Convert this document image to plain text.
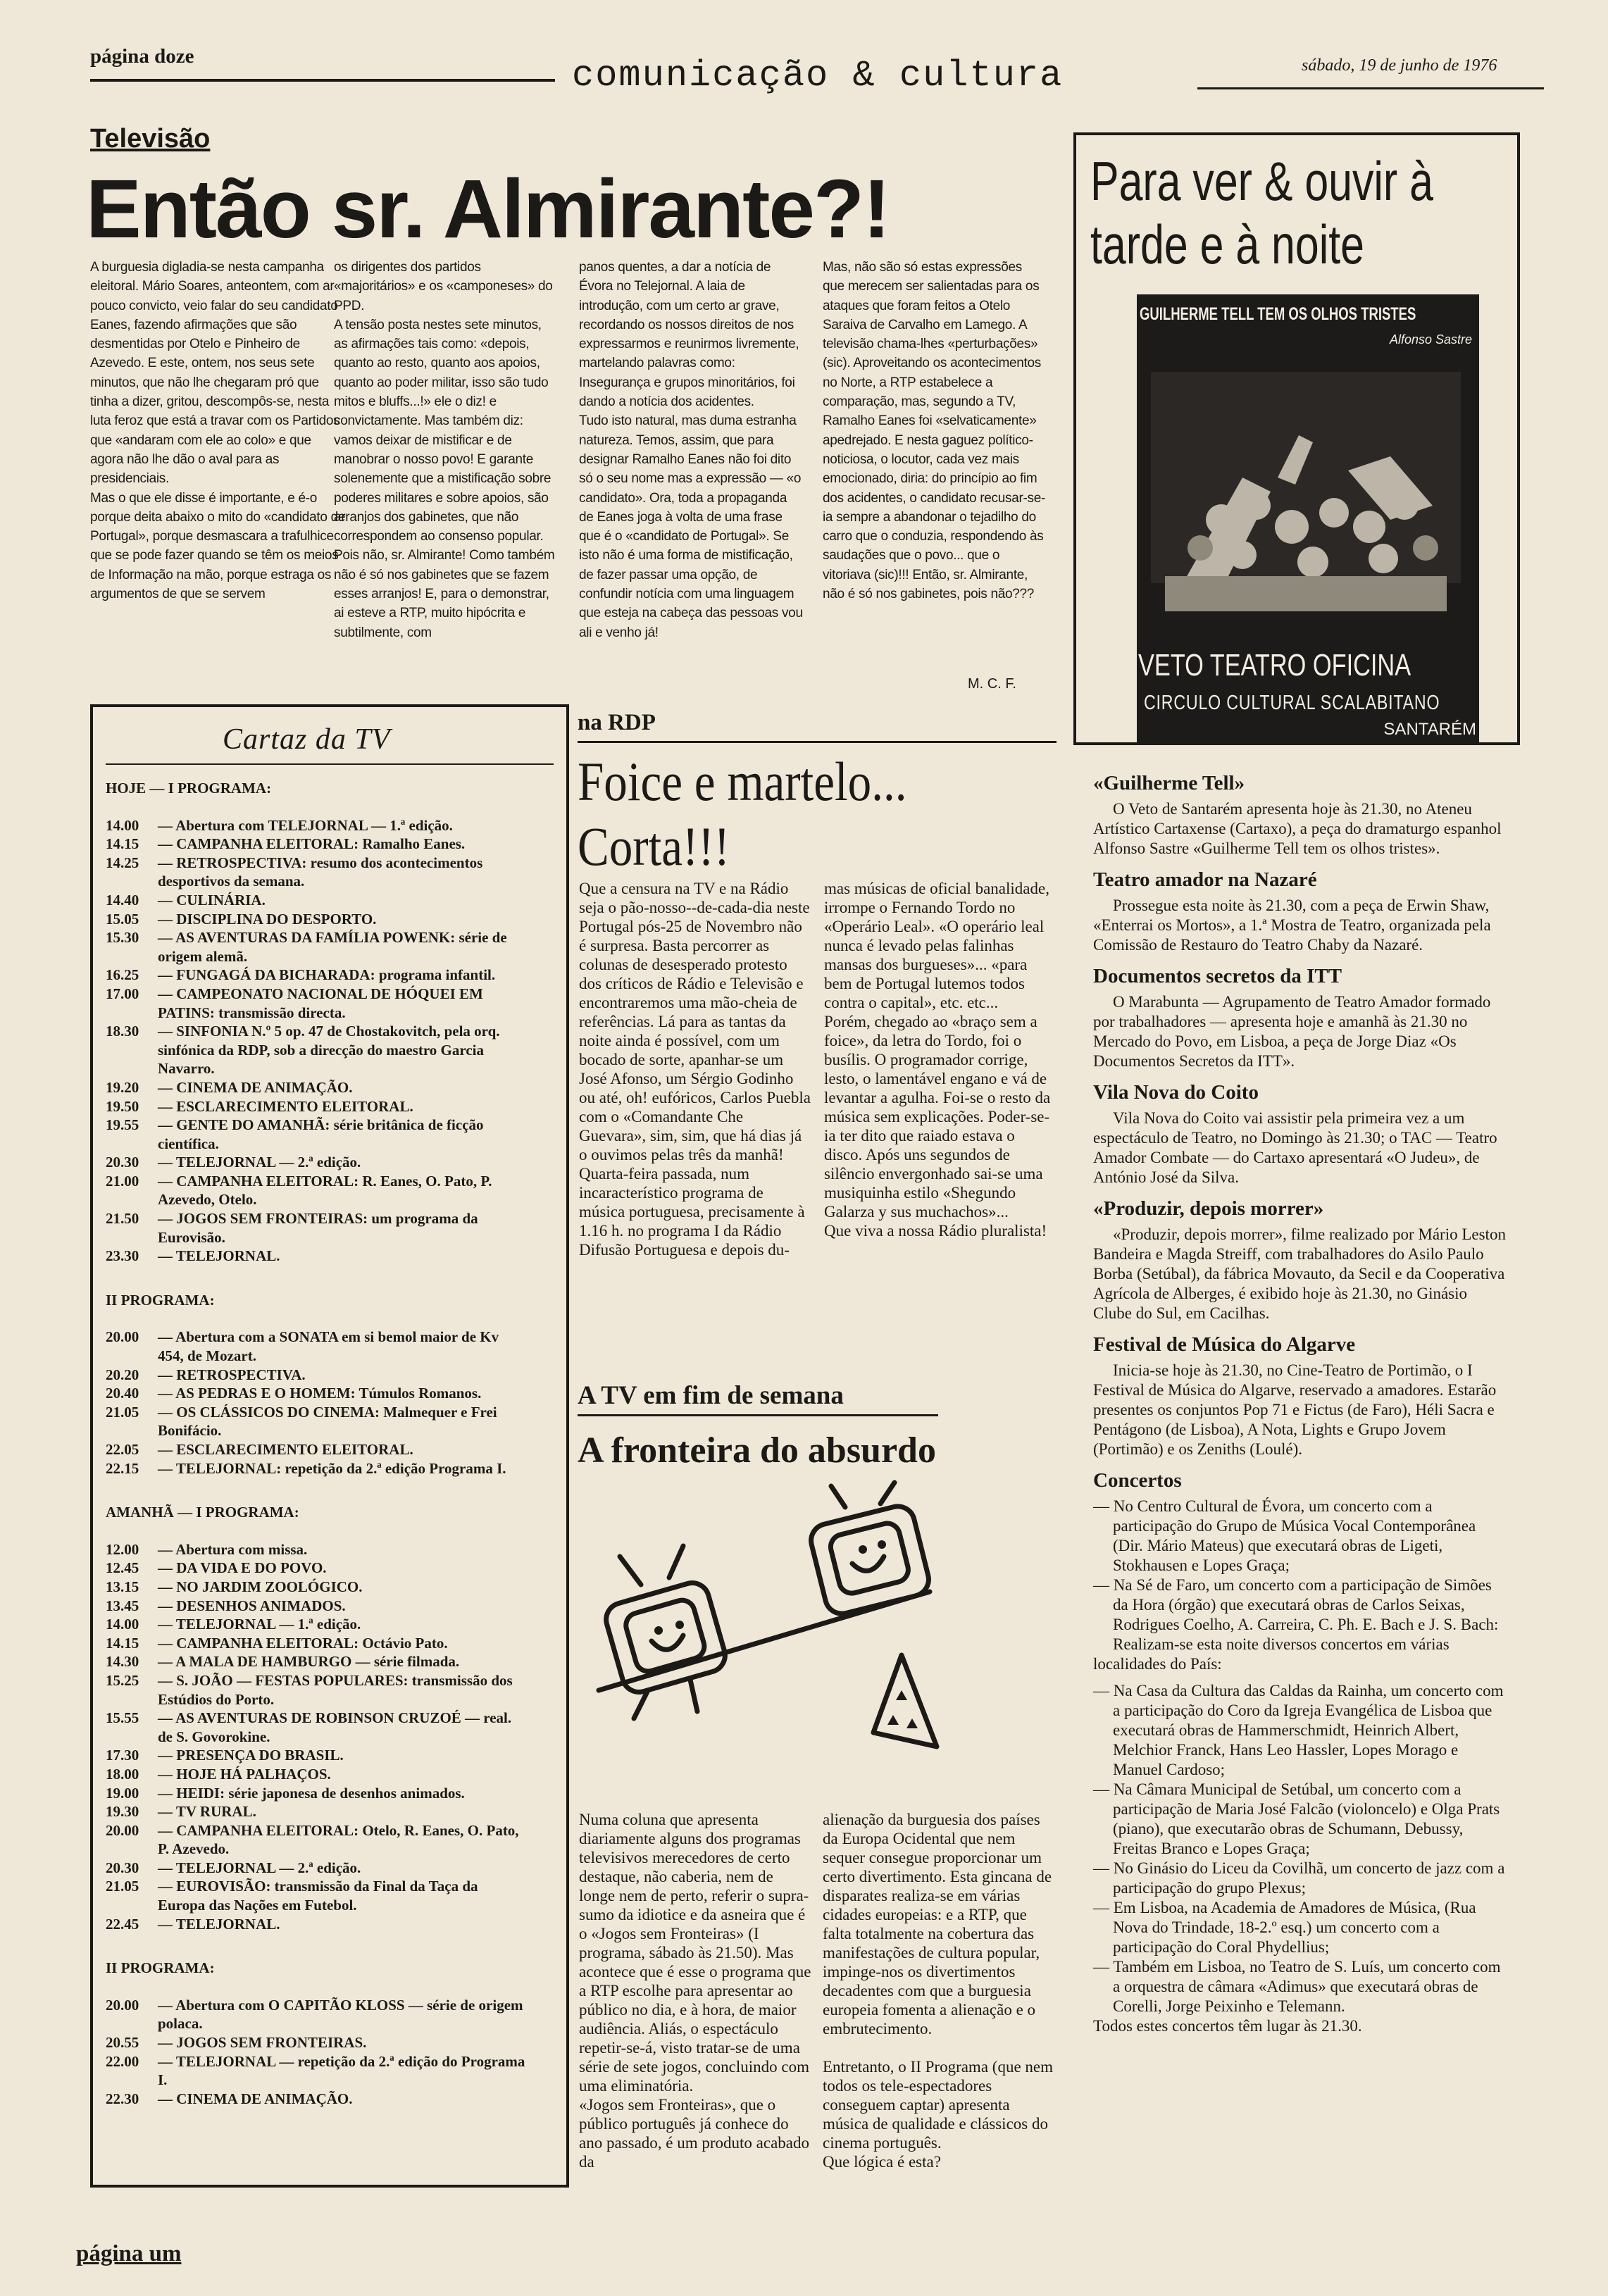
página doze	comunicação & cultura	sábado, 19 de junho de 1976
Televisão
Então sr. Almirante?!
A burguesia digladia-se nesta campanha eleitoral. Mário Soares, anteontem, com ar pouco convicto, veio falar do seu candidato Eanes, fazendo afirmações que são desmentidas por Otelo e Pinheiro de Azevedo. E este, ontem, nos seus sete minutos, que não lhe chegaram pró que tinha a dizer, gritou, descompôs-se, nesta luta feroz que está a travar com os Partidos que «andaram com ele ao colo» e que agora não lhe dão o aval para as presidenciais.
Mas o que ele disse é importante, e é-o porque deita abaixo o mito do «candidato de Portugal», porque desmascara a trafulhice que se pode fazer quando se têm os meios de Informação na mão, porque estraga os argumentos de que se servem
os dirigentes dos partidos «majoritários» e os «camponeses» do PPD.
A tensão posta nestes sete minutos, as afirmações tais como: «depois, quanto ao resto, quanto aos apoios, quanto ao poder militar, isso são tudo mitos e bluffs...!» ele o diz! e convictamente. Mas também diz: vamos deixar de mistificar e de manobrar o nosso povo! E garante solenemente que a mistificação sobre poderes militares e sobre apoios, são arranjos dos gabinetes, que não correspondem ao consenso popular.
Pois não, sr. Almirante! Como também não é só nos gabinetes que se fazem esses arranjos! E, para o demonstrar, ai esteve a RTP, muito hipócrita e subtilmente, com
panos quentes, a dar a notícia de Évora no Telejornal. A laia de introdução, com um certo ar grave, recordando os nossos direitos de nos expressarmos e reunirmos livremente, martelando palavras como: Insegurança e grupos minoritários, foi dando a notícia dos acidentes.
Tudo isto natural, mas duma estranha natureza. Temos, assim, que para designar Ramalho Eanes não foi dito só o seu nome mas a expressão — «o candidato». Ora, toda a propaganda de Eanes joga à volta de uma frase que é o «candidato de Portugal». Se isto não é uma forma de mistificação, de fazer passar uma opção, de confundir notícia com uma linguagem que esteja na cabeça das pessoas vou ali e venho já!
Mas, não são só estas expressões que merecem ser salientadas para os ataques que foram feitos a Otelo Saraiva de Carvalho em Lamego. A televisão chama-lhes «perturbações» (sic). Aproveitando os acontecimentos no Norte, a RTP estabelece a comparação, mas, segundo a TV, Ramalho Eanes foi «selvaticamente» apedrejado. E nesta gaguez político-noticiosa, o locutor, cada vez mais emocionado, diria: do princípio ao fim dos acidentes, o candidato recusar-se-ia sempre a abandonar o tejadilho do carro que o conduzia, respondendo às saudações que o povo... que o vitoriava (sic)!!! Então, sr. Almirante, não é só nos gabinetes, pois não???
M. C. F.
Para ver & ouvir à tarde e à noite
GUILHERME TELL TEM OS OLHOS TRISTES
Alfonso Sastre
VETO TEATRO OFICINA
CIRCULO CULTURAL SCALABITANO
SANTARÉM
Cartaz da TV
HOJE — I PROGRAMA:
14.00	— Abertura com TELEJORNAL — 1.ª edição.
14.15	— CAMPANHA ELEITORAL: Ramalho Eanes.
14.25	— RETROSPECTIVA: resumo dos acontecimentos desportivos da semana.
14.40	— CULINÁRIA.
15.05	— DISCIPLINA DO DESPORTO.
15.30	— AS AVENTURAS DA FAMÍLIA POWENK: série de origem alemã.
16.25	— FUNGAGÁ DA BICHARADA: programa infantil.
17.00	— CAMPEONATO NACIONAL DE HÓQUEI EM PATINS: transmissão directa.
18.30	— SINFONIA N.º 5 op. 47 de Chostakovitch, pela orq. sinfónica da RDP, sob a direcção do maestro Garcia Navarro.
19.20	— CINEMA DE ANIMAÇÃO.
19.50	— ESCLARECIMENTO ELEITORAL.
19.55	— GENTE DO AMANHÃ: série britânica de ficção científica.
20.30	— TELEJORNAL — 2.ª edição.
21.00	— CAMPANHA ELEITORAL: R. Eanes, O. Pato, P. Azevedo, Otelo.
21.50	— JOGOS SEM FRONTEIRAS: um programa da Eurovisão.
23.30	— TELEJORNAL.
II PROGRAMA:
20.00	— Abertura com a SONATA em si bemol maior de Kv 454, de Mozart.
20.20	— RETROSPECTIVA.
20.40	— AS PEDRAS E O HOMEM: Túmulos Romanos.
21.05	— OS CLÁSSICOS DO CINEMA: Malmequer e Frei Bonifácio.
22.05	— ESCLARECIMENTO ELEITORAL.
22.15	— TELEJORNAL: repetição da 2.ª edição Programa I.
AMANHÃ — I PROGRAMA:
12.00	— Abertura com missa.
12.45	— DA VIDA E DO POVO.
13.15	— NO JARDIM ZOOLÓGICO.
13.45	— DESENHOS ANIMADOS.
14.00	— TELEJORNAL — 1.ª edição.
14.15	— CAMPANHA ELEITORAL: Octávio Pato.
14.30	— A MALA DE HAMBURGO — série filmada.
15.25	— S. JOÃO — FESTAS POPULARES: transmissão dos Estúdios do Porto.
15.55	— AS AVENTURAS DE ROBINSON CRUZOÉ — real. de S. Govorokine.
17.30	— PRESENÇA DO BRASIL.
18.00	— HOJE HÁ PALHAÇOS.
19.00	— HEIDI: série japonesa de desenhos animados.
19.30	— TV RURAL.
20.00	— CAMPANHA ELEITORAL: Otelo, R. Eanes, O. Pato, P. Azevedo.
20.30	— TELEJORNAL — 2.ª edição.
21.05	— EUROVISÃO: transmissão da Final da Taça da Europa das Nações em Futebol.
22.45	— TELEJORNAL.
II PROGRAMA:
20.00	— Abertura com O CAPITÃO KLOSS — série de origem polaca.
20.55	— JOGOS SEM FRONTEIRAS.
22.00	— TELEJORNAL — repetição da 2.ª edição do Programa I.
22.30	— CINEMA DE ANIMAÇÃO.
na RDP
Foice e martelo... Corta!!!
Que a censura na TV e na Rádio seja o pão-nosso--de-cada-dia neste Portugal pós-25 de Novembro não é surpresa. Basta percorrer as colunas de desesperado protesto dos críticos de Rádio e Televisão e encontraremos uma mão-cheia de referências. Lá para as tantas da noite ainda é possível, com um bocado de sorte, apanhar-se um José Afonso, um Sérgio Godinho ou até, oh! eufóricos, Carlos Puebla com o «Comandante Che Guevara», sim, sim, que há dias já o ouvimos pelas três da manhã!
Quarta-feira passada, num incaracterístico programa de música portuguesa, precisamente à 1.16 h. no programa I da Rádio Difusão Portuguesa e depois du-
mas músicas de oficial banalidade, irrompe o Fernando Tordo no «Operário Leal». «O operário leal nunca é levado pelas falinhas mansas dos burgueses»... «para bem de Portugal lutemos todos contra o capital», etc. etc...
Porém, chegado ao «braço sem a foice», da letra do Tordo, foi o busílis. O programador corrige, lesto, o lamentável engano e vá de levantar a agulha. Foi-se o resto da música sem explicações. Poder-se-ia ter dito que raiado estava o disco. Após uns segundos de silêncio envergonhado sai-se uma musiquinha estilo «Shegundo Galarza y sus muchachos»...
Que viva a nossa Rádio pluralista!
A TV em fim de semana
A fronteira do absurdo
Numa coluna que apresenta diariamente alguns dos programas televisivos merecedores de certo destaque, não caberia, nem de longe nem de perto, referir o supra-sumo da idiotice e da asneira que é o «Jogos sem Fronteiras» (I programa, sábado às 21.50). Mas acontece que é esse o programa que a RTP escolhe para apresentar ao público no dia, e à hora, de maior audiência. Aliás, o espectáculo repetir-se-á, visto tratar-se de uma série de sete jogos, concluindo com uma eliminatória.
«Jogos sem Fronteiras», que o público português já conhece do ano passado, é um produto acabado da
alienação da burguesia dos países da Europa Ocidental que nem sequer consegue proporcionar um certo divertimento. Esta gincana de disparates realiza-se em várias cidades europeias: e a RTP, que falta totalmente na cobertura das manifestações de cultura popular, impinge-nos os divertimentos decadentes com que a burguesia europeia fomenta a alienação e o embrutecimento.

Entretanto, o II Programa (que nem todos os tele-espectadores conseguem captar) apresenta música de qualidade e clássicos do cinema português.
Que lógica é esta?
«Guilherme Tell»
O Veto de Santarém apresenta hoje às 21.30, no Ateneu Artístico Cartaxense (Cartaxo), a peça do dramaturgo espanhol Alfonso Sastre «Guilherme Tell tem os olhos tristes».
Teatro amador na Nazaré
Prossegue esta noite às 21.30, com a peça de Erwin Shaw, «Enterrai os Mortos», a 1.ª Mostra de Teatro, organizada pela Comissão de Restauro do Teatro Chaby da Nazaré.
Documentos secretos da ITT
O Marabunta — Agrupamento de Teatro Amador formado por trabalhadores — apresenta hoje e amanhã às 21.30 no Mercado do Povo, em Lisboa, a peça de Jorge Diaz «Os Documentos Secretos da ITT».
Vila Nova do Coito
Vila Nova do Coito vai assistir pela primeira vez a um espectáculo de Teatro, no Domingo às 21.30; o TAC — Teatro Amador Combate — do Cartaxo apresentará «O Judeu», de António José da Silva.
«Produzir, depois morrer»
«Produzir, depois morrer», filme realizado por Mário Leston Bandeira e Magda Streiff, com trabalhadores do Asilo Paulo Borba (Setúbal), da fábrica Movauto, da Secil e da Cooperativa Agrícola de Alberges, é exibido hoje às 21.30, no Ginásio Clube do Sul, em Cacilhas.
Festival de Música do Algarve
Inicia-se hoje às 21.30, no Cine-Teatro de Portimão, o I Festival de Música do Algarve, reservado a amadores. Estarão presentes os conjuntos Pop 71 e Fictus (de Faro), Héli Sacra e Pentágono (de Lisboa), A Nota, Lights e Grupo Jovem (Portimão) e os Zeniths (Loulé).
Concertos
— No Centro Cultural de Évora, um concerto com a participação do Grupo de Música Vocal Contemporânea (Dir. Mário Mateus) que executará obras de Ligeti, Stokhausen e Lopes Graça;
— Na Sé de Faro, um concerto com a participação de Simões da Hora (órgão) que executará obras de Carlos Seixas, Rodrigues Coelho, A. Carreira, C. Ph. E. Bach e J. S. Bach:
Realizam-se esta noite diversos concertos em várias localidades do País:
— Na Casa da Cultura das Caldas da Rainha, um concerto com a participação do Coro da Igreja Evangélica de Lisboa que executará obras de Hammerschmidt, Heinrich Albert, Melchior Franck, Hans Leo Hassler, Lopes Morago e Manuel Cardoso;
— Na Câmara Municipal de Setúbal, um concerto com a participação de Maria José Falcão (violoncelo) e Olga Prats (piano), que executarão obras de Schumann, Debussy, Freitas Branco e Lopes Graça;
— No Ginásio do Liceu da Covilhã, um concerto de jazz com a participação do grupo Plexus;
— Em Lisboa, na Academia de Amadores de Música, (Rua Nova do Trindade, 18-2.º esq.) um concerto com a participação do Coral Phydellius;
— Também em Lisboa, no Teatro de S. Luís, um concerto com a orquestra de câmara «Adimus» que executará obras de Corelli, Jorge Peixinho e Telemann.
Todos estes concertos têm lugar às 21.30.
página um
